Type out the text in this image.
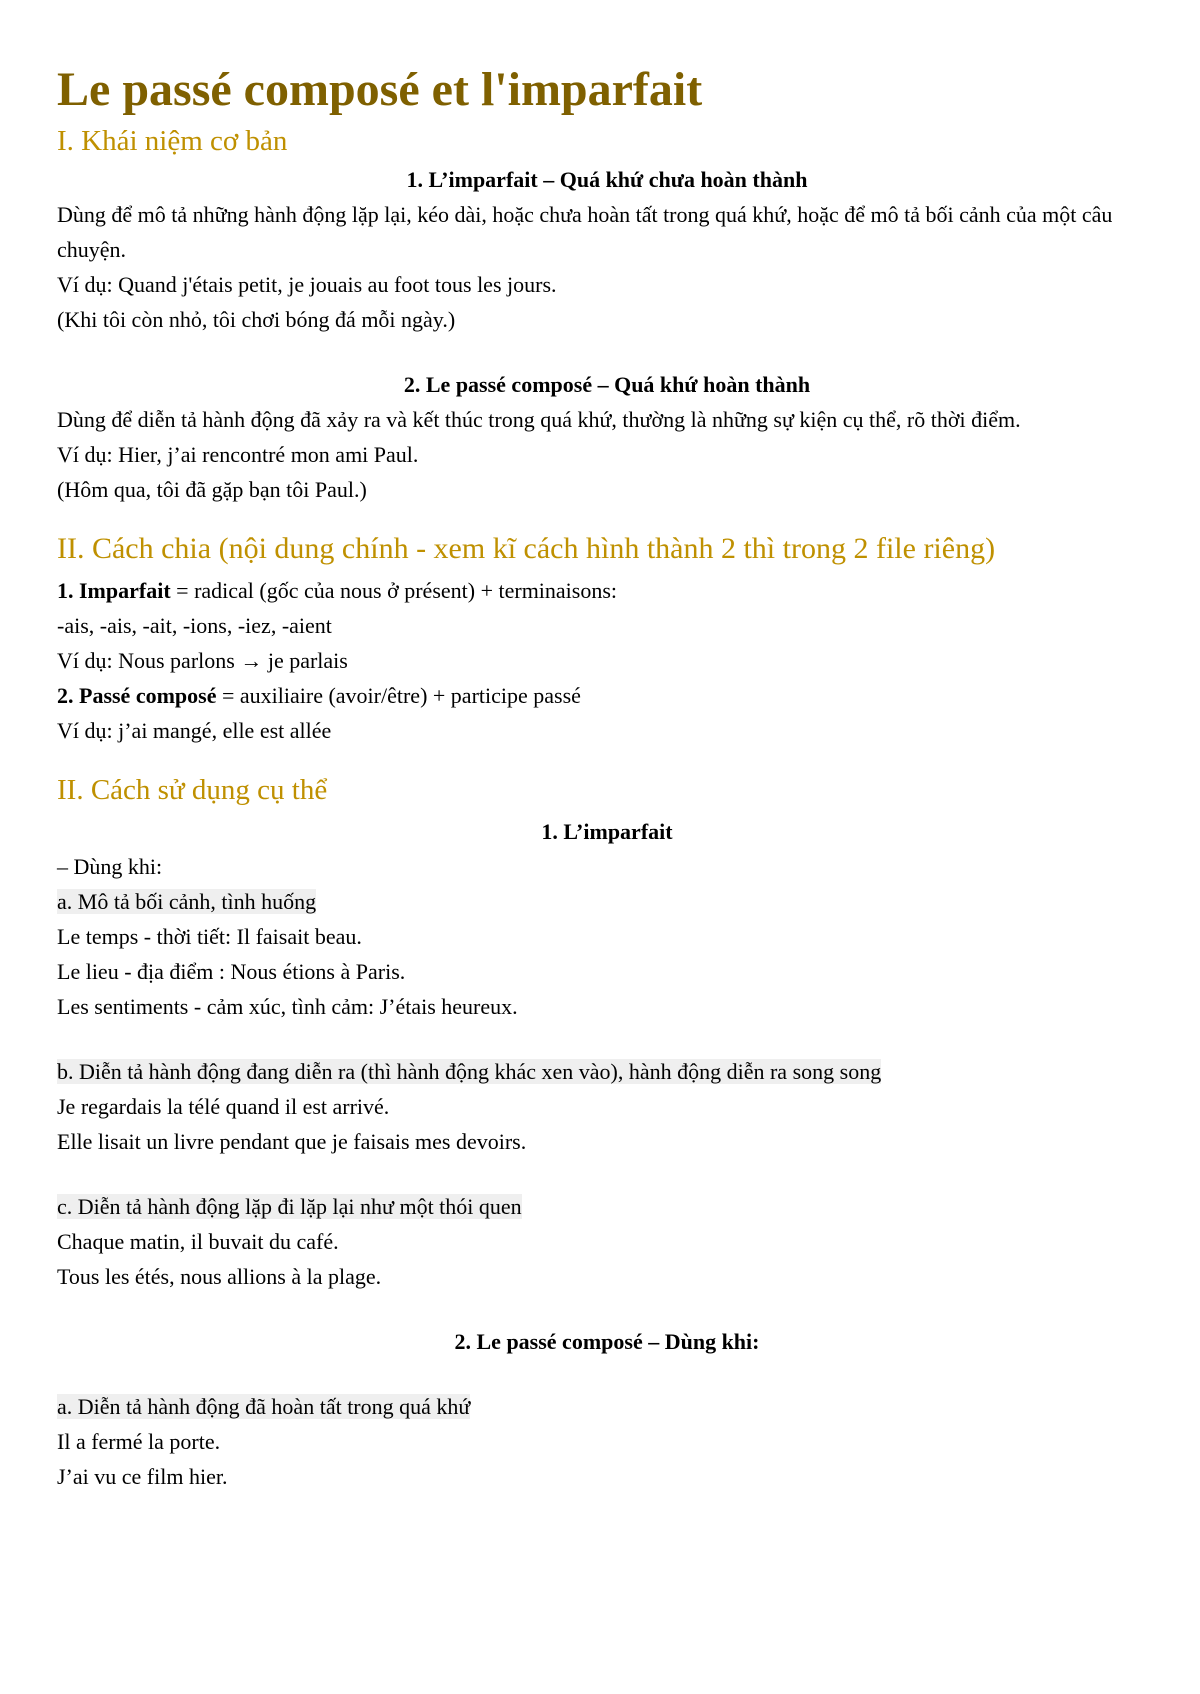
Le passé composé et l'imparfait
I. Khái niệm cơ bản
1. L’imparfait – Quá khứ chưa hoàn thành

Dùng để mô tả những hành động lặp lại, kéo dài, hoặc chưa hoàn tất trong quá khứ, hoặc để mô tả bối cảnh của một câu chuyện.

Ví dụ: Quand j'étais petit, je jouais au foot tous les jours.

(Khi tôi còn nhỏ, tôi chơi bóng đá mỗi ngày.)

2. Le passé composé – Quá khứ hoàn thành

Dùng để diễn tả hành động đã xảy ra và kết thúc trong quá khứ, thường là những sự kiện cụ thể, rõ thời điểm.

Ví dụ: Hier, j’ai rencontré mon ami Paul.

(Hôm qua, tôi đã gặp bạn tôi Paul.)

II. Cách chia (nội dung chính - xem kĩ cách hình thành 2 thì trong 2 file riêng)

1. Imparfait = radical (gốc của nous ở présent) + terminaisons:

-ais, -ais, -ait, -ions, -iez, -aient

Ví dụ: Nous parlons → je parlais

2. Passé composé = auxiliaire (avoir/être) + participe passé

Ví dụ: j’ai mangé, elle est allée

II. Cách sử dụng cụ thể
1. L’imparfait

– Dùng khi:

a. Mô tả bối cảnh, tình huống

Le temps - thời tiết: Il faisait beau.

Le lieu - địa điểm : Nous étions à Paris.

Les sentiments - cảm xúc, tình cảm: J’étais heureux.

b. Diễn tả hành động đang diễn ra (thì hành động khác xen vào), hành động diễn ra song song

Je regardais la télé quand il est arrivé.

Elle lisait un livre pendant que je faisais mes devoirs.

c. Diễn tả hành động lặp đi lặp lại như một thói quen

Chaque matin, il buvait du café.

Tous les étés, nous allions à la plage.

2. Le passé composé – Dùng khi:

a. Diễn tả hành động đã hoàn tất trong quá khứ

Il a fermé la porte.

J’ai vu ce film hier.
